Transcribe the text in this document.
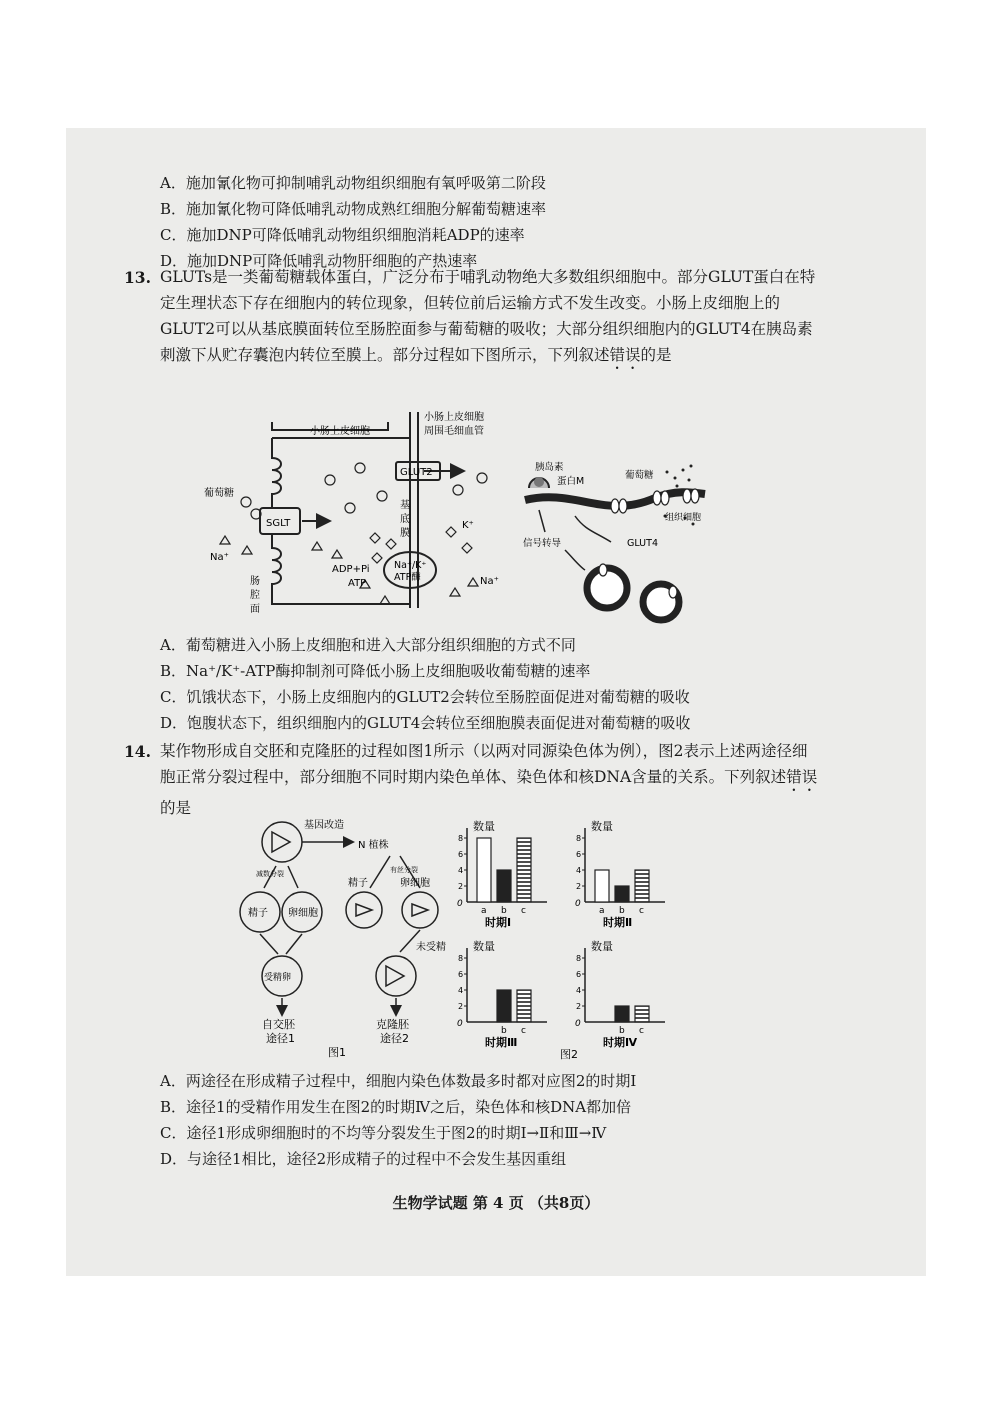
A．施加氰化物可抑制哺乳动物组织细胞有氧呼吸第二阶段
B．施加氰化物可降低哺乳动物成熟红细胞分解葡萄糖速率
C．施加DNP可降低哺乳动物组织细胞消耗ADP的速率
D．施加DNP可降低哺乳动物肝细胞的产热速率
13. GLUTs是一类葡萄糖载体蛋白，广泛分布于哺乳动物绝大多数组织细胞中。部分GLUT蛋白在特定生理状态下存在细胞内的转位现象，但转位前后运输方式不发生改变。小肠上皮细胞上的GLUT2可以从基底膜面转位至肠腔面参与葡萄糖的吸收；大部分组织细胞内的GLUT4在胰岛素刺激下从贮存囊泡内转位至膜上。部分过程如下图所示，下列叙述错误的是
小肠上皮细胞
小肠上皮细胞
周围毛细血管
GLUT2
葡萄糖
SGLT
Na⁺
K⁺
基
底
膜
ADP+Pi
ATP
Na⁺/K⁺
ATP酶	Na⁺
肠
腔
面
胰岛素
蛋白M
葡萄糖
组织细胞
信号转导	GLUT4
A．葡萄糖进入小肠上皮细胞和进入大部分组织细胞的方式不同
B．Na⁺/K⁺-ATP酶抑制剂可降低小肠上皮细胞吸收葡萄糖的速率
C．饥饿状态下，小肠上皮细胞内的GLUT2会转位至肠腔面促进对葡萄糖的吸收
D．饱腹状态下，组织细胞内的GLUT4会转位至细胞膜表面促进对葡萄糖的吸收
14. 某作物形成自交胚和克隆胚的过程如图1所示（以两对同源染色体为例），图2表示上述两途径细胞正常分裂过程中，部分细胞不同时期内染色单体、染色体和核DNA含量的关系。下列叙述错误的是
基因改造
N 植株
减数分裂	有丝分裂
精子 卵细胞
精子	卵细胞
受精卵
未受精
自交胚
途径1
克隆胚
途径2
图1
数量
0
2
4
6
8
a b c
时期Ⅰ
数量
0
2
4
6
8
a b c
时期Ⅱ
数量
0
2
4
6
8
b c
时期Ⅲ
数量
0
2
4
6
8
b c
时期Ⅳ
图2
A．两途径在形成精子过程中，细胞内染色体数最多时都对应图2的时期Ⅰ
B．途径1的受精作用发生在图2的时期Ⅳ之后，染色体和核DNA都加倍
C．途径1形成卵细胞时的不均等分裂发生于图2的时期Ⅰ→Ⅱ和Ⅲ→Ⅳ
D．与途径1相比，途径2形成精子的过程中不会发生基因重组
生物学试题 第 4 页 （共8页）
